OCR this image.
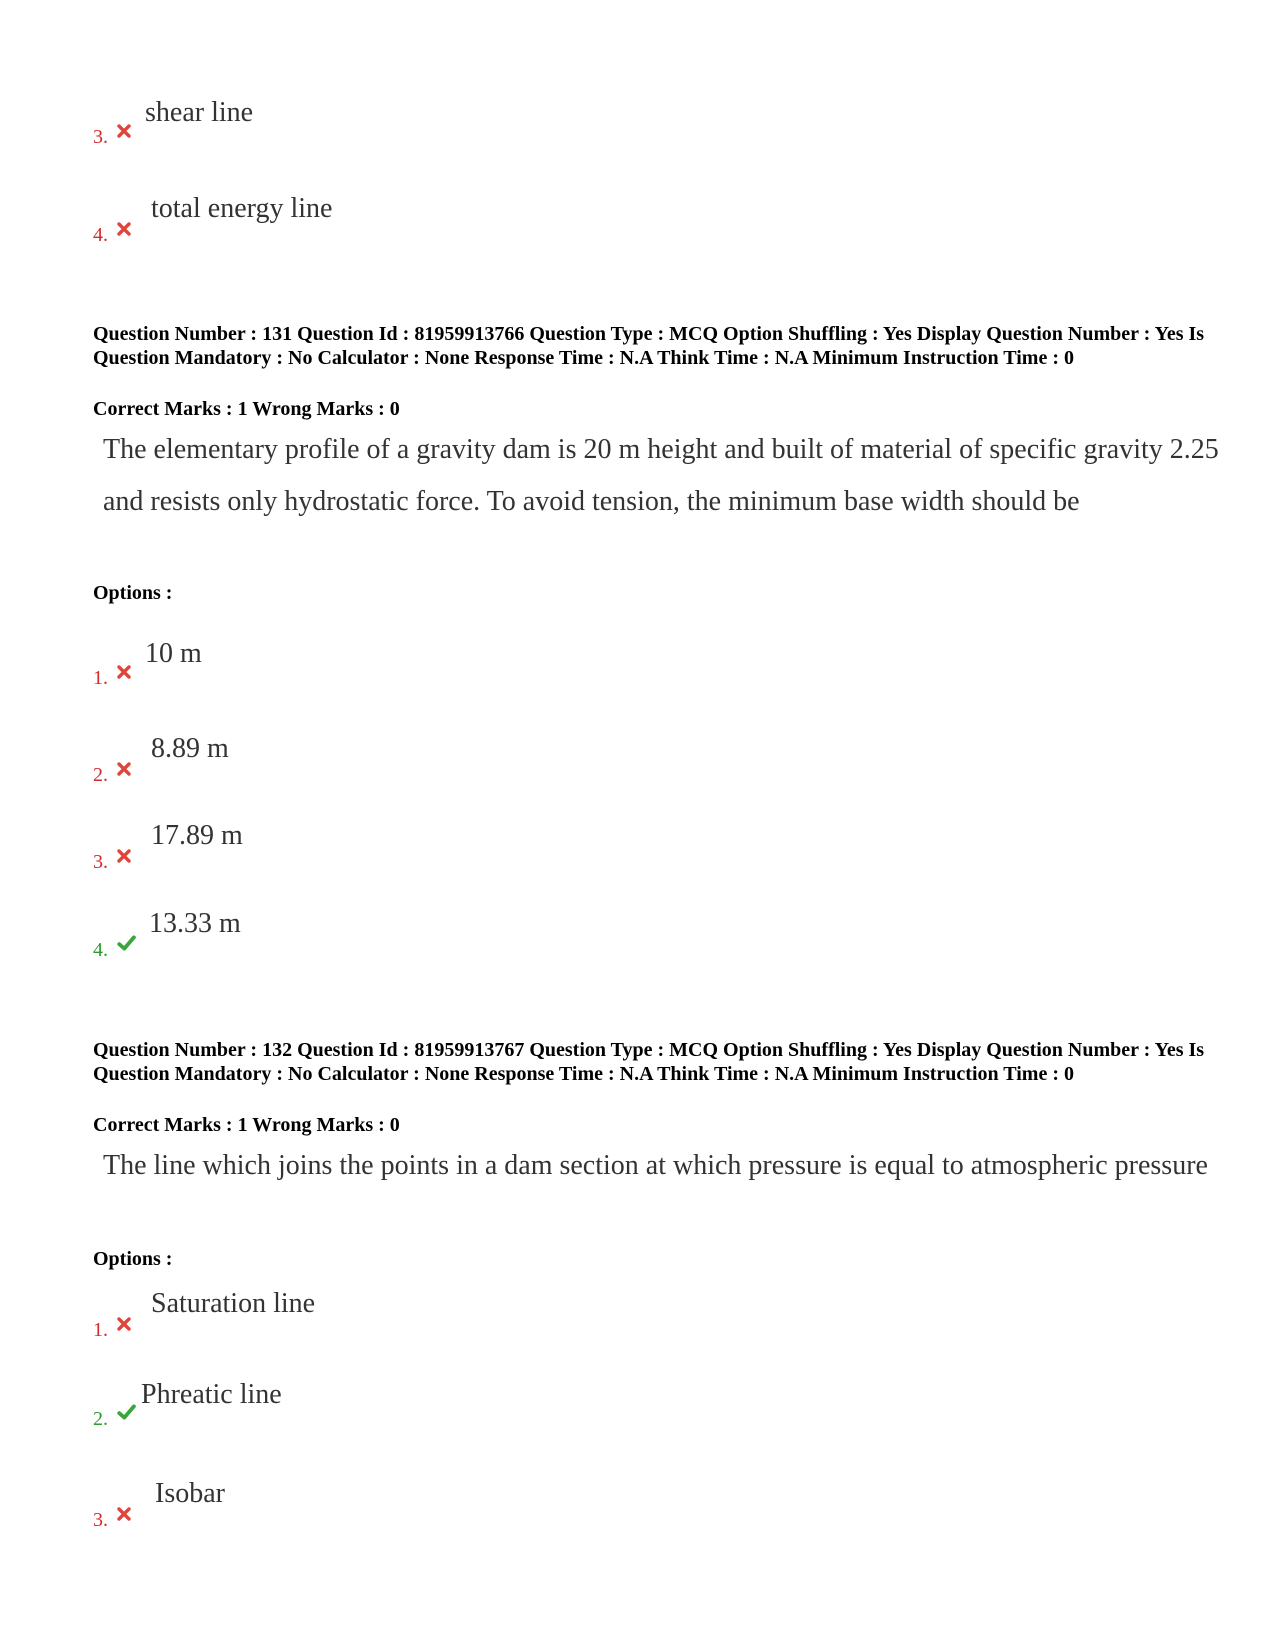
3.
shear line
4.
total energy line
Question Number : 131 Question Id : 81959913766 Question Type : MCQ Option Shuffling : Yes Display Question Number : Yes Is Question Mandatory : No Calculator : None Response Time : N.A Think Time : N.A Minimum Instruction Time : 0
Correct Marks : 1 Wrong Marks : 0
The elementary profile of a gravity dam is 20 m height and built of material of specific gravity 2.25 and resists only hydrostatic force. To avoid tension, the minimum base width should be
Options :
1.
10 m
2.
8.89 m
3.
17.89 m
4.
13.33 m
Question Number : 132 Question Id : 81959913767 Question Type : MCQ Option Shuffling : Yes Display Question Number : Yes Is Question Mandatory : No Calculator : None Response Time : N.A Think Time : N.A Minimum Instruction Time : 0
Correct Marks : 1 Wrong Marks : 0
The line which joins the points in a dam section at which pressure is equal to atmospheric pressure
Options :
1.
Saturation line
2.
Phreatic line
3.
Isobar
